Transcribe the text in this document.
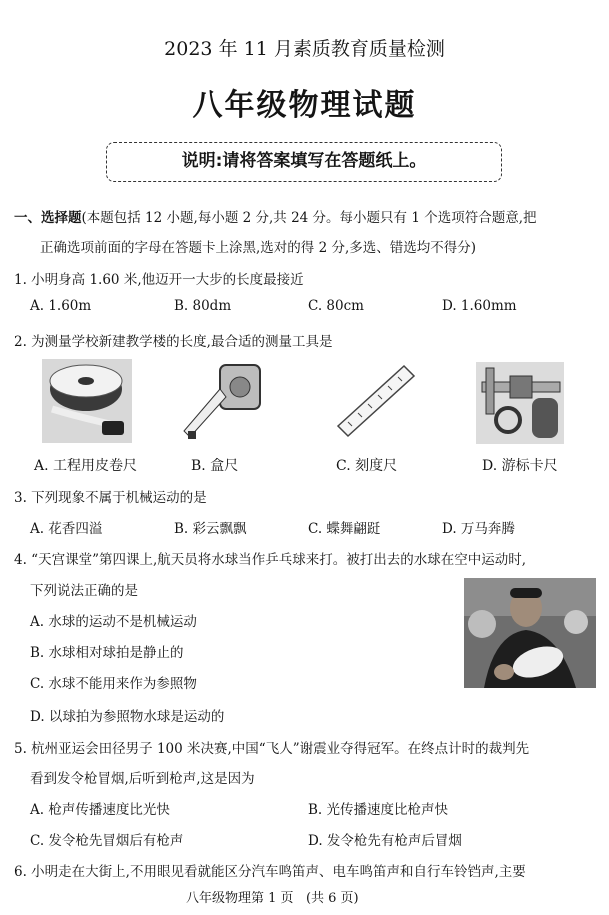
2023 年 11 月素质教育质量检测
八年级物理试题
说明:请将答案填写在答题纸上。
一、选择题(本题包括 12 小题,每小题 2 分,共 24 分。每小题只有 1 个选项符合题意,把
正确选项前面的字母在答题卡上涂黑,选对的得 2 分,多选、错选均不得分)
1. 小明身高 1.60 米,他迈开一大步的长度最接近
A. 1.60m	B. 80dm	C. 80cm	D. 1.60mm
2. 为测量学校新建教学楼的长度,最合适的测量工具是
A. 工程用皮卷尺	B. 盒尺	C. 刻度尺	D. 游标卡尺
3. 下列现象不属于机械运动的是
A. 花香四溢	B. 彩云飘飘	C. 蝶舞翩跹	D. 万马奔腾
4. “天宫课堂”第四课上,航天员将水球当作乒乓球来打。被打出去的水球在空中运动时,
下列说法正确的是
A. 水球的运动不是机械运动
B. 水球相对球拍是静止的
C. 水球不能用来作为参照物
D. 以球拍为参照物水球是运动的
5. 杭州亚运会田径男子 100 米决赛,中国“飞人”谢震业夺得冠军。在终点计时的裁判先
看到发令枪冒烟,后听到枪声,这是因为
A. 枪声传播速度比光快	B. 光传播速度比枪声快
C. 发令枪先冒烟后有枪声	D. 发令枪先有枪声后冒烟
6. 小明走在大街上,不用眼见看就能区分汽车鸣笛声、电车鸣笛声和自行车铃铛声,主要
八年级物理第 1 页 (共 6 页)
